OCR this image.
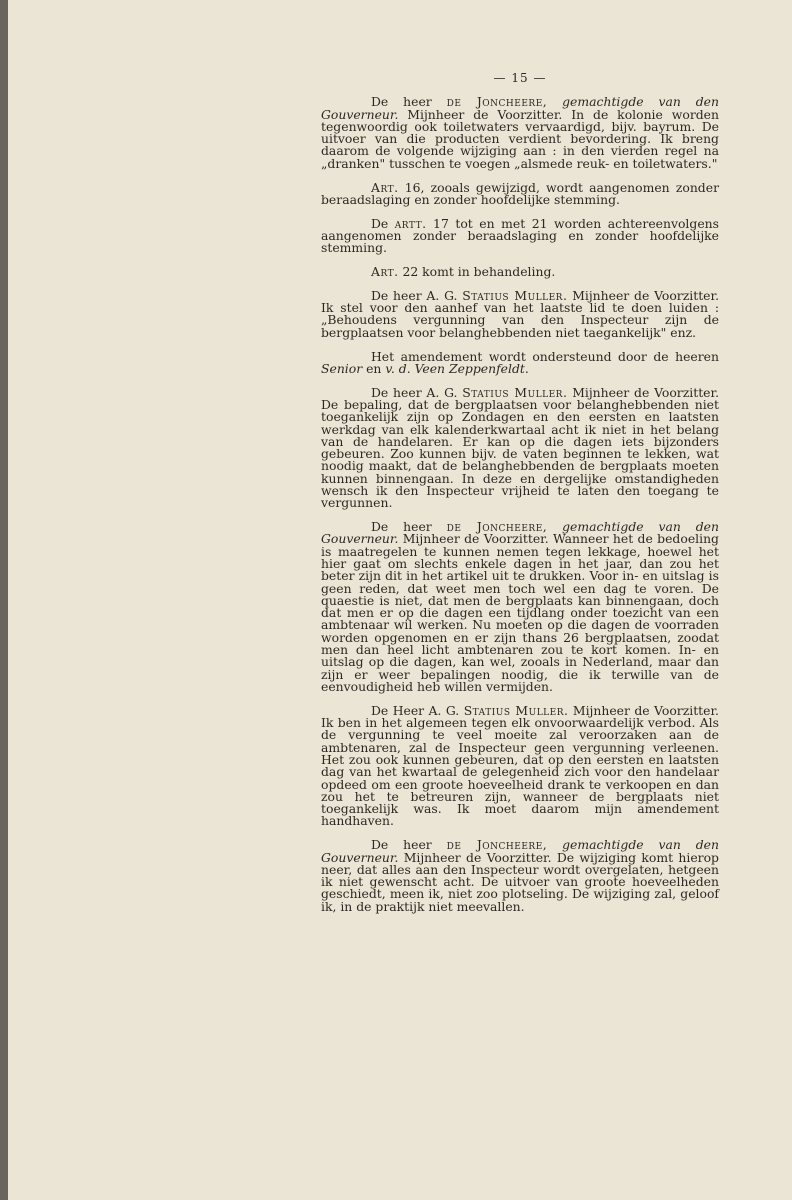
— 15 —

De heer de Joncheere, gemachtigde van den Gouverneur. Mijnheer de Voorzitter. In de kolonie worden tegenwoordig ook toiletwaters vervaardigd, bijv. bayrum. De uitvoer van die producten verdient bevordering. Ik breng daarom de volgende wijziging aan : in den vierden regel na „dranken" tusschen te voegen „alsmede reuk- en toiletwaters."

Art. 16, zooals gewijzigd, wordt aangenomen zonder beraadslaging en zonder hoofdelijke stemming.

De artt. 17 tot en met 21 worden achtereenvolgens aangenomen zonder beraadslaging en zonder hoofdelijke stemming.

Art. 22 komt in behandeling.

De heer A. G. Statius Muller. Mijnheer de Voorzitter. Ik stel voor den aanhef van het laatste lid te doen luiden : „Behoudens vergunning van den Inspecteur zijn de bergplaatsen voor belanghebbenden niet taegankelijk" enz.

Het amendement wordt ondersteund door de heeren Senior en v. d. Veen Zeppenfeldt.

De heer A. G. Statius Muller. Mijnheer de Voorzitter. De bepaling, dat de bergplaatsen voor belanghebbenden niet toegankelijk zijn op Zondagen en den eersten en laatsten werkdag van elk kalenderkwartaal acht ik niet in het belang van de handelaren. Er kan op die dagen iets bijzonders gebeuren. Zoo kunnen bijv. de vaten beginnen te lekken, wat noodig maakt, dat de belanghebbenden de bergplaats moeten kunnen binnengaan. In deze en dergelijke omstandigheden wensch ik den Inspecteur vrijheid te laten den toegang te vergunnen.

De heer de Joncheere, gemachtigde van den Gouverneur. Mijnheer de Voorzitter. Wanneer het de bedoeling is maatregelen te kunnen nemen tegen lekkage, hoewel het hier gaat om slechts enkele dagen in het jaar, dan zou het beter zijn dit in het artikel uit te drukken. Voor in- en uitslag is geen reden, dat weet men toch wel een dag te voren. De quaestie is niet, dat men de bergplaats kan binnengaan, doch dat men er op die dagen een tijdlang onder toezicht van een ambtenaar wil werken. Nu moeten op die dagen de voorraden worden opgenomen en er zijn thans 26 bergplaatsen, zoodat men dan heel licht ambtenaren zou te kort komen. In- en uitslag op die dagen, kan wel, zooals in Nederland, maar dan zijn er weer bepalingen noodig, die ik terwille van de eenvoudigheid heb willen vermijden.

De Heer A. G. Statius Muller. Mijnheer de Voorzitter. Ik ben in het algemeen tegen elk onvoorwaardelijk verbod. Als de vergunning te veel moeite zal veroorzaken aan de ambtenaren, zal de Inspecteur geen vergunning verleenen. Het zou ook kunnen gebeuren, dat op den eersten en laatsten dag van het kwartaal de gelegenheid zich voor den handelaar opdeed om een groote hoeveelheid drank te verkoopen en dan zou het te betreuren zijn, wanneer de bergplaats niet toegankelijk was. Ik moet daarom mijn amendement handhaven.

De heer de Joncheere, gemachtigde van den Gouverneur. Mijnheer de Voorzitter. De wijziging komt hierop neer, dat alles aan den Inspecteur wordt overgelaten, hetgeen ik niet gewenscht acht. De uitvoer van groote hoeveelheden geschiedt, meen ik, niet zoo plotseling. De wijziging zal, geloof ik, in de praktijk niet meevallen.
